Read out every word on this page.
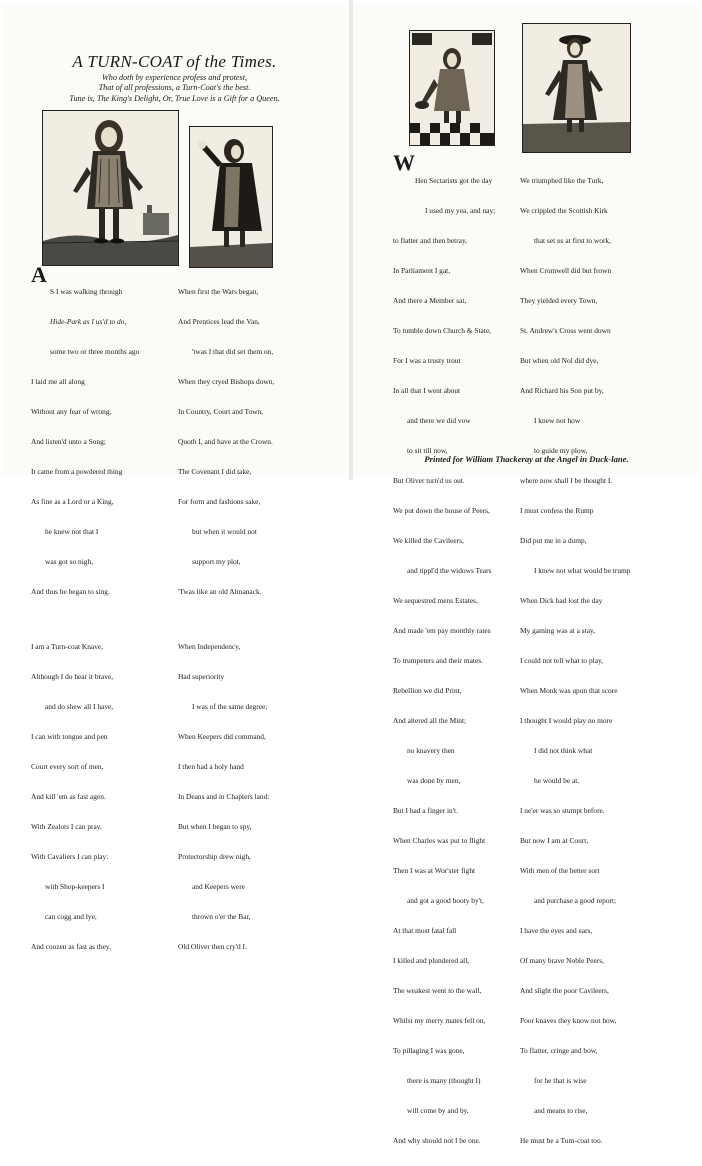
A TURN-COAT of the Times.
Who doth by experience profess and protest,
That of all professions, a Turn-Coat's the best.
Tune is, The King's Delight, Or, True Love is a Gift for a Queen.
A

S I was walking through

Hide-Park as I us'd to do,

some two or three months ago

I laid me all along

Without any fear of wrong,

And listen'd unto a Song;

It came from a powdered thing

As fine as a Lord or a King,

he knew not that I

was got so nigh,

And thus he began to sing.

I am a Turn-coat Knave,

Although I do hear it brave,

and do shew all I have,

I can with tongue and pen

Court every sort of men,

And kill 'em as fast agen.

With Zealots I can pray,

With Cavaliers I can play:

with Shop-keepers I

can cogg and lye,

And couzen as fast as they.

When first the Wars began,

And Prentices lead the Van,

'twas I that did set them on,

When they cryed Bishops down,

In Country, Court and Town,

Quoth I, and have at the Crown.

The Covenant I did take,

For form and fashions sake,

but when it would not

support my plot,

'Twas like an old Almanack.

When Independency,

Had superiority

I was of the same degree;

When Keepers did command,

I then had a holy hand

In Deans and in Chapters land:

But when I began to spy,

Protectorship drew nigh,

and Keepers were

thrown o'er the Bar,

Old Oliver then cry'd I.

W

Hen Sectarists got the day

I used my yea, and nay;

to flatter and then betray,

In Parliament I gat,

And there a Member sat,

To tumble down Church & State,

For I was a trusty trout

In all that I went about

and there we did vow

to sit till now,

But Oliver turn'd us out.

We put down the house of Peers,

We killed the Cavileers,

and tippl'd the widows Tears

We sequestred mens Estates,

And made 'em pay monthly rates

To trumpeters and their mates.

Rebellion we did Print,

And altered all the Mint;

no knavery then

was done by men,

But I had a finger in't.

When Charles was put to flight

Then I was at Wor'ster fight

and got a good booty by't,

At that most fatal fall

I killed and plundered all,

The weakest went to the wall,

Whilst my merry mates fell on,

To pillaging I was gone,

there is many (thought I)

will come by and by,

And why should not I be one.

We triumphed like the Turk,

We crippled the Scottish Kirk

that set us at first to work,

When Cromwell did but frown

They yielded every Town,

St. Andrew's Cross went down

But when old Nol did dye,

And Richard his Son put by,

I knew not how

to guide my plow,

where now shall I be thought I.

I must confess the Rump

Did put me in a dump,

I knew not what would be trump

When Dick had lost the day

My gaming was at a stay,

I could not tell what to play,

When Monk was upon that score

I thought I would play no more

I did not think what

he would be at,

I ne'er was so stumpt before.

But now I am at Court,

With men of the better sort

and purchase a good report;

I have the eyes and ears,

Of many brave Noble Peers,

And slight the poor Cavileers,

Poor knaves they know not how,

To flatter, cringe and bow,

for he that is wise

and means to rise,

He must be a Turn-coat too.

Printed for William Thackeray at the Angel in Duck-lane.
